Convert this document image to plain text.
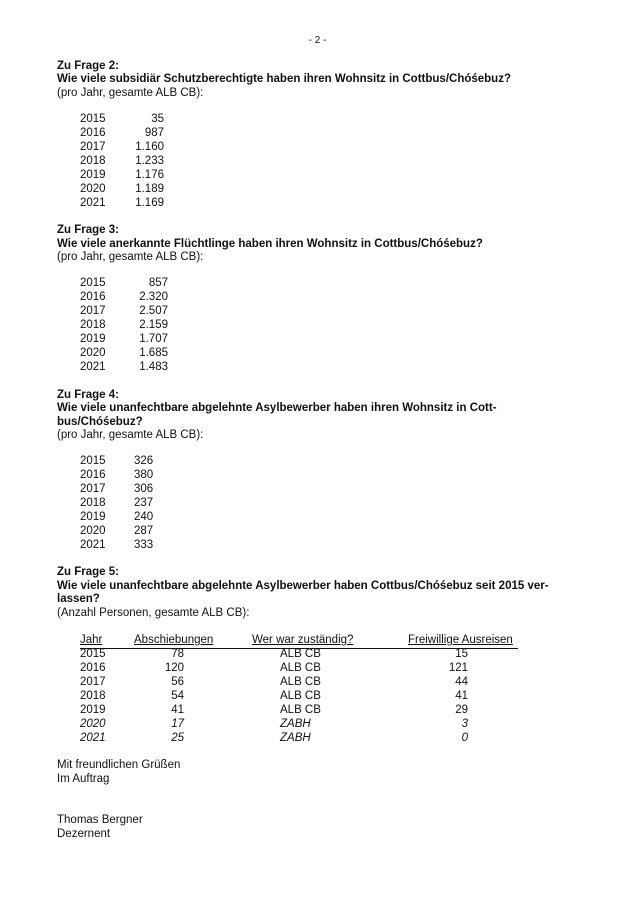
- 2 -
Zu Frage 2:
Wie viele subsidiär Schutzberechtigte haben ihren Wohnsitz in Cottbus/Chóśebuz?
(pro Jahr, gesamte ALB CB):
2015	35
2016	987
2017	1.160
2018	1.233
2019	1.176
2020	1.189
2021	1.169
Zu Frage 3:
Wie viele anerkannte Flüchtlinge haben ihren Wohnsitz in Cottbus/Chóśebuz?
(pro Jahr, gesamte ALB CB):
2015	857
2016	2.320
2017	2.507
2018	2.159
2019	1.707
2020	1.685
2021	1.483
Zu Frage 4:
Wie viele unanfechtbare abgelehnte Asylbewerber haben ihren Wohnsitz in Cott-
bus/Chóśebuz?
(pro Jahr, gesamte ALB CB):
2015	326
2016	380
2017	306
2018	237
2019	240
2020	287
2021	333
Zu Frage 5:
Wie viele unanfechtbare abgelehnte Asylbewerber haben Cottbus/Chóśebuz seit 2015 ver-
lassen?
(Anzahl Personen, gesamte ALB CB):
Jahr	Abschiebungen	Wer war zuständig?	Freiwillige Ausreisen
2015	78	ALB CB	15
2016	120	ALB CB	121
2017	56	ALB CB	44
2018	54	ALB CB	41
2019	41	ALB CB	29
2020	17	ZABH	3
2021	25	ZABH	0
Mit freundlichen Grüßen
Im Auftrag
Thomas Bergner
Dezernent
